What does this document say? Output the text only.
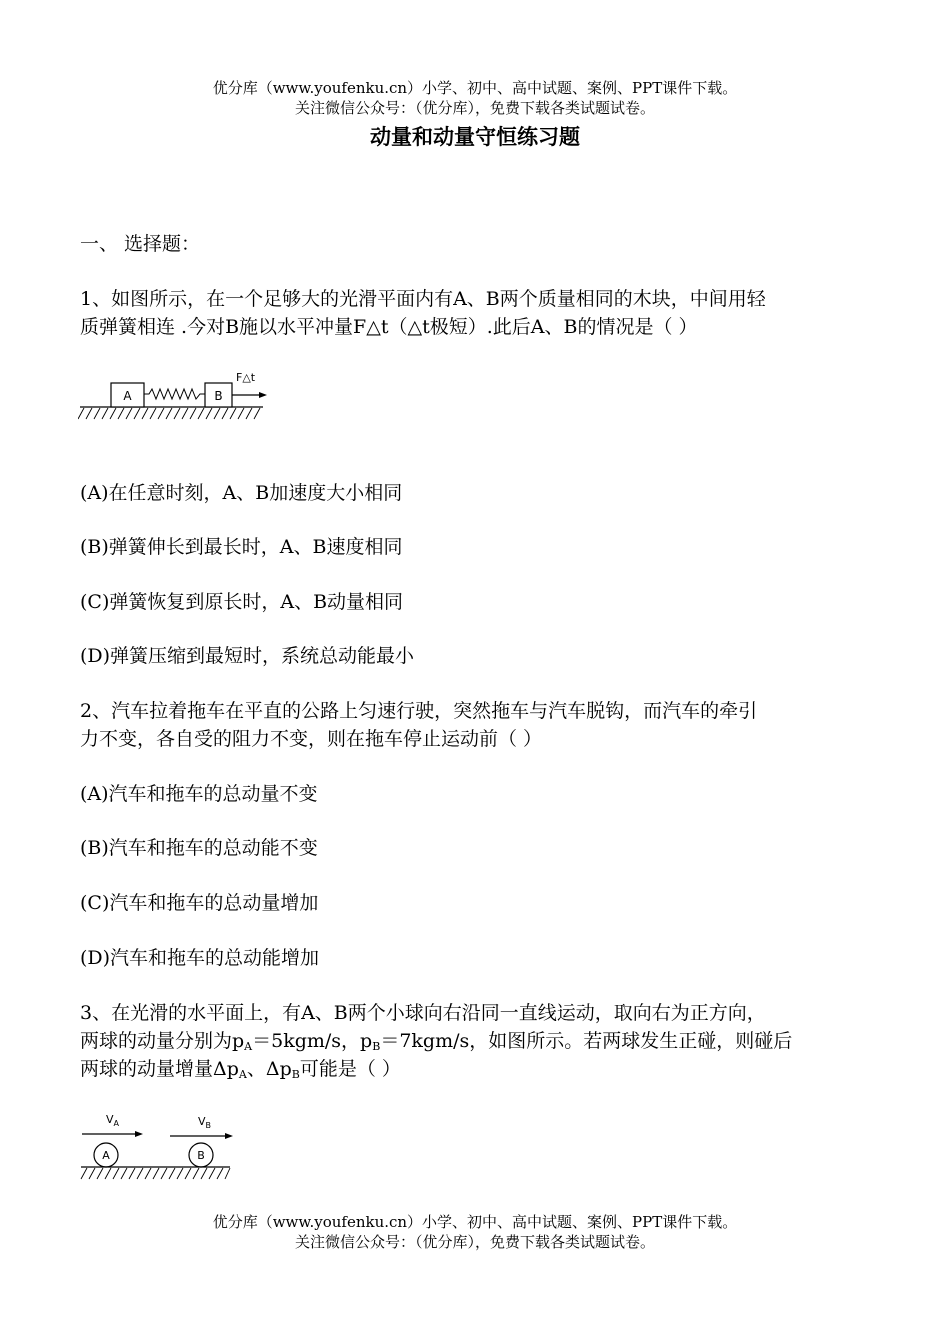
优分库（www.youfenku.cn）小学、初中、高中试题、案例、PPT课件下载。
关注微信公众号：（优分库），免费下载各类试题试卷。
动量和动量守恒练习题
一、 选择题：
1、如图所示，在一个足够大的光滑平面内有A、B两个质量相同的木块，中间用轻
质弹簧相连 .今对B施以水平冲量F△t（△t极短）.此后A、B的情况是（ ）
A	B
F△t
(A)在任意时刻，A、B加速度大小相同
(B)弹簧伸长到最长时，A、B速度相同
(C)弹簧恢复到原长时，A、B动量相同
(D)弹簧压缩到最短时，系统总动能最小
2、汽车拉着拖车在平直的公路上匀速行驶，突然拖车与汽车脱钩，而汽车的牵引
力不变，各自受的阻力不变，则在拖车停止运动前（ ）
(A)汽车和拖车的总动量不变
(B)汽车和拖车的总动能不变
(C)汽车和拖车的总动量增加
(D)汽车和拖车的总动能增加
3、在光滑的水平面上，有A、B两个小球向右沿同一直线运动，取向右为正方向，
两球的动量分别为$p_A=5kgm/s$，$p_B=7kgm/s$，如图所示。若两球发生正碰，则碰后
两球的动量增量$\Delta p_A$、$\Delta p_B$可能是（ ）
$V_A$	$V_B$
A	B
优分库（www.youfenku.cn）小学、初中、高中试题、案例、PPT课件下载。
关注微信公众号：（优分库），免费下载各类试题试卷。
